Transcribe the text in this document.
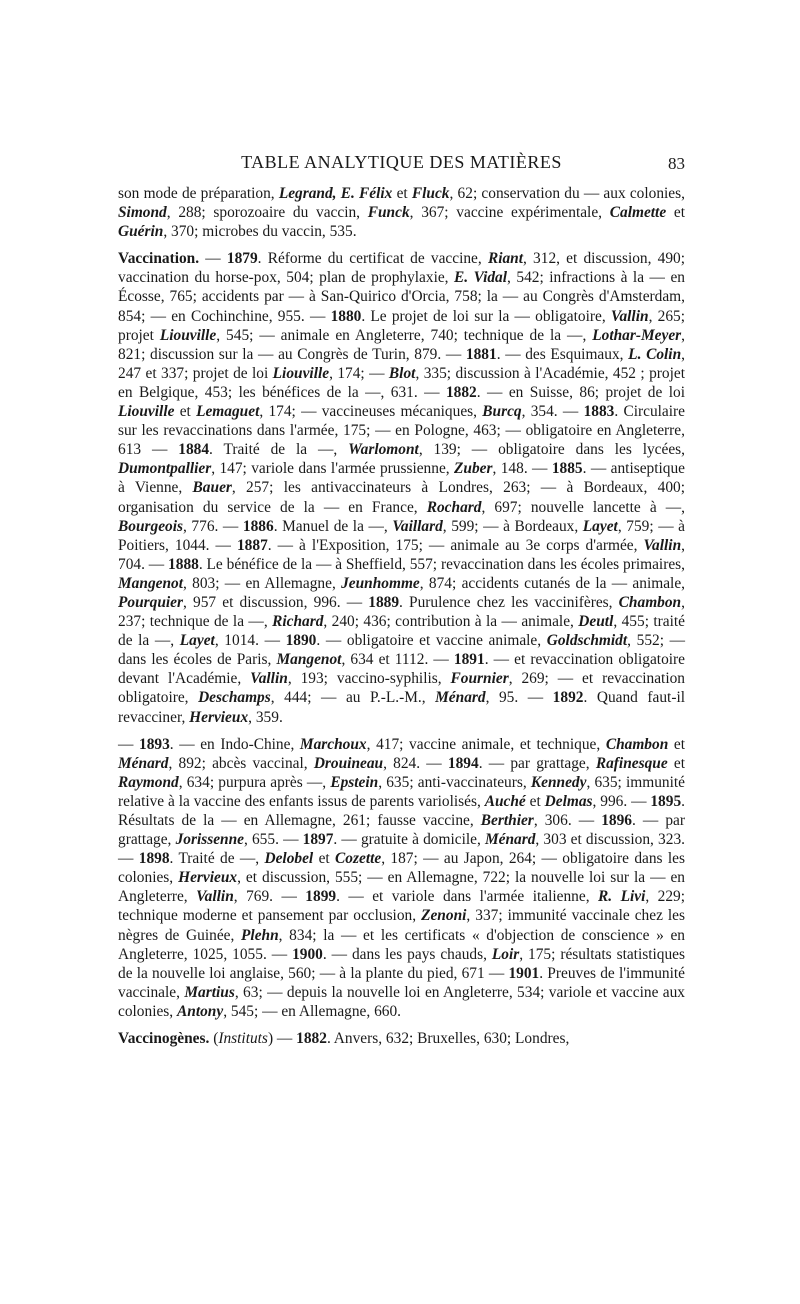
TABLE ANALYTIQUE DES MATIÈRES	83

son mode de préparation, Legrand, E. Félix et Fluck, 62; conservation du — aux colonies, Simond, 288; sporozoaire du vaccin, Funck, 367; vaccine expérimentale, Calmette et Guérin, 370; microbes du vaccin, 535.

Vaccination. — 1879. Réforme du certificat de vaccine, Riant, 312, et discussion, 490; vaccination du horse-pox, 504; plan de prophylaxie, E. Vidal, 542; infractions à la — en Écosse, 765; accidents par — à San-Quirico d'Orcia, 758; la — au Congrès d'Amsterdam, 854; — en Cochinchine, 955. — 1880. Le projet de loi sur la — obligatoire, Vallin, 265; projet Liouville, 545; — animale en Angleterre, 740; technique de la —, Lothar-Meyer, 821; discussion sur la — au Congrès de Turin, 879. — 1881. — des Esquimaux, L. Colin, 247 et 337; projet de loi Liouville, 174; — Blot, 335; discussion à l'Académie, 452 ; projet en Belgique, 453; les bénéfices de la —, 631. — 1882. — en Suisse, 86; projet de loi Liouville et Lemaguet, 174; — vaccineuses mécaniques, Burcq, 354. — 1883. Circulaire sur les revaccinations dans l'armée, 175; — en Pologne, 463; — obligatoire en Angleterre, 613 — 1884. Traité de la —, Warlomont, 139; — obligatoire dans les lycées, Dumontpallier, 147; variole dans l'armée prussienne, Zuber, 148. — 1885. — antiseptique à Vienne, Bauer, 257; les antivaccinateurs à Londres, 263; — à Bordeaux, 400; organisation du service de la — en France, Rochard, 697; nouvelle lancette à —, Bourgeois, 776. — 1886. Manuel de la —, Vaillard, 599; — à Bordeaux, Layet, 759; — à Poitiers, 1044. — 1887. — à l'Exposition, 175; — animale au 3e corps d'armée, Vallin, 704. — 1888. Le bénéfice de la — à Sheffield, 557; revaccination dans les écoles primaires, Mangenot, 803; — en Allemagne, Jeunhomme, 874; accidents cutanés de la — animale, Pourquier, 957 et discussion, 996. — 1889. Purulence chez les vaccinifères, Chambon, 237; technique de la —, Richard, 240; 436; contribution à la — animale, Deutl, 455; traité de la —, Layet, 1014. — 1890. — obligatoire et vaccine animale, Goldschmidt, 552; — dans les écoles de Paris, Mangenot, 634 et 1112. — 1891. — et revaccination obligatoire devant l'Académie, Vallin, 193; vaccino-syphilis, Fournier, 269; — et revaccination obligatoire, Deschamps, 444; — au P.-L.-M., Ménard, 95. — 1892. Quand faut-il revacciner, Hervieux, 359.

— 1893. — en Indo-Chine, Marchoux, 417; vaccine animale, et technique, Chambon et Ménard, 892; abcès vaccinal, Drouineau, 824. — 1894. — par grattage, Rafinesque et Raymond, 634; purpura après —, Epstein, 635; anti-vaccinateurs, Kennedy, 635; immunité relative à la vaccine des enfants issus de parents variolisés, Auché et Delmas, 996. — 1895. Résultats de la — en Allemagne, 261; fausse vaccine, Berthier, 306. — 1896. — par grattage, Jorissenne, 655. — 1897. — gratuite à domicile, Ménard, 303 et discussion, 323. — 1898. Traité de —, Delobel et Cozette, 187; — au Japon, 264; — obligatoire dans les colonies, Hervieux, et discussion, 555; — en Allemagne, 722; la nouvelle loi sur la — en Angleterre, Vallin, 769. — 1899. — et variole dans l'armée italienne, R. Livi, 229; technique moderne et pansement par occlusion, Zenoni, 337; immunité vaccinale chez les nègres de Guinée, Plehn, 834; la — et les certificats « d'objection de conscience » en Angleterre, 1025, 1055. — 1900. — dans les pays chauds, Loir, 175; résultats statistiques de la nouvelle loi anglaise, 560; — à la plante du pied, 671 — 1901. Preuves de l'immunité vaccinale, Martius, 63; — depuis la nouvelle loi en Angleterre, 534; variole et vaccine aux colonies, Antony, 545; — en Allemagne, 660.

Vaccinogènes. (Instituts) — 1882. Anvers, 632; Bruxelles, 630; Londres,
